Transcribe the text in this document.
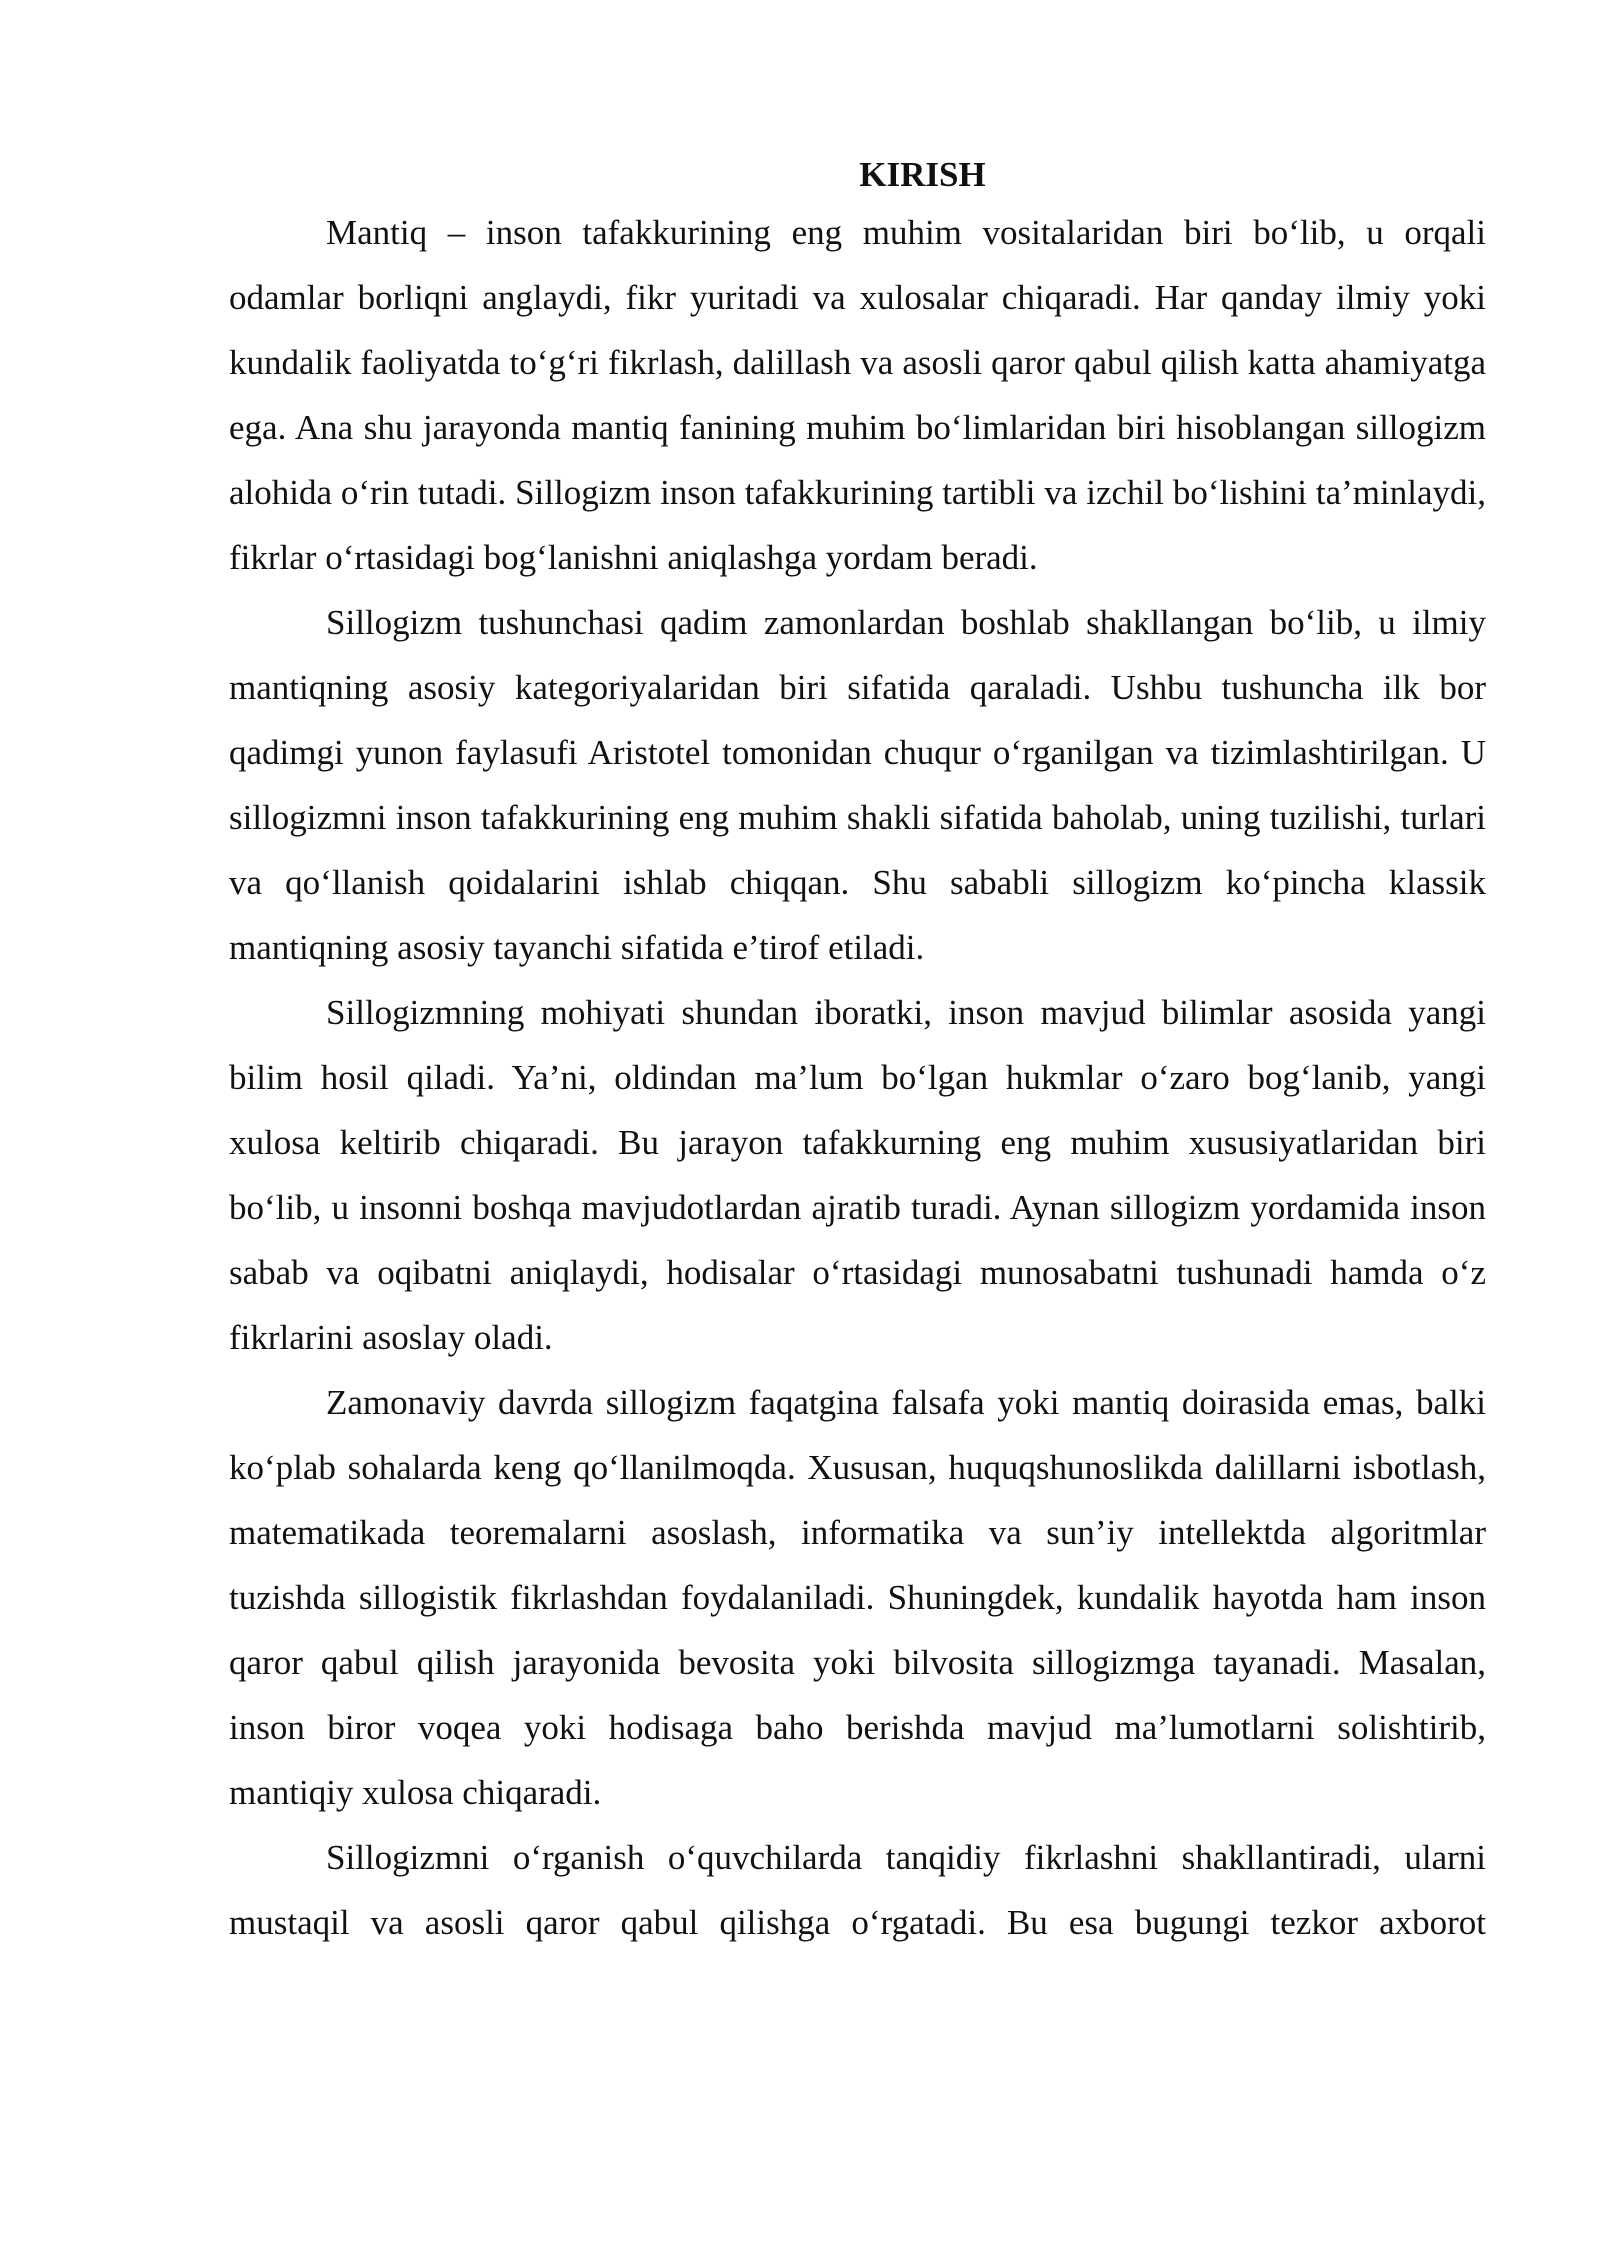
KIRISH

Mantiq – inson tafakkurining eng muhim vositalaridan biri bo‘lib, u orqali odamlar borliqni anglaydi, fikr yuritadi va xulosalar chiqaradi. Har qanday ilmiy yoki kundalik faoliyatda to‘g‘ri fikrlash, dalillash va asosli qaror qabul qilish katta ahamiyatga ega. Ana shu jarayonda mantiq fanining muhim bo‘limlaridan biri hisoblangan sillogizm alohida o‘rin tutadi. Sillogizm inson tafakkurining tartibli va izchil bo‘lishini ta’minlaydi, fikrlar o‘rtasidagi bog‘lanishni aniqlashga yordam beradi.

Sillogizm tushunchasi qadim zamonlardan boshlab shakllangan bo‘lib, u ilmiy mantiqning asosiy kategoriyalaridan biri sifatida qaraladi. Ushbu tushuncha ilk bor qadimgi yunon faylasufi Aristotel tomonidan chuqur o‘rganilgan va tizimlashtirilgan. U sillogizmni inson tafakkurining eng muhim shakli sifatida baholab, uning tuzilishi, turlari va qo‘llanish qoidalarini ishlab chiqqan. Shu sababli sillogizm ko‘pincha klassik mantiqning asosiy tayanchi sifatida e’tirof etiladi.

Sillogizmning mohiyati shundan iboratki, inson mavjud bilimlar asosida yangi bilim hosil qiladi. Ya’ni, oldindan ma’lum bo‘lgan hukmlar o‘zaro bog‘lanib, yangi xulosa keltirib chiqaradi. Bu jarayon tafakkurning eng muhim xususiyatlaridan biri bo‘lib, u insonni boshqa mavjudotlardan ajratib turadi. Aynan sillogizm yordamida inson sabab va oqibatni aniqlaydi, hodisalar o‘rtasidagi munosabatni tushunadi hamda o‘z fikrlarini asoslay oladi.

Zamonaviy davrda sillogizm faqatgina falsafa yoki mantiq doirasida emas, balki ko‘plab sohalarda keng qo‘llanilmoqda. Xususan, huquqshunoslikda dalillarni isbotlash, matematikada teoremalarni asoslash, informatika va sun’iy intellektda algoritmlar tuzishda sillogistik fikrlashdan foydalaniladi. Shuningdek, kundalik hayotda ham inson qaror qabul qilish jarayonida bevosita yoki bilvosita sillogizmga tayanadi. Masalan, inson biror voqea yoki hodisaga baho berishda mavjud ma’lumotlarni solishtirib, mantiqiy xulosa chiqaradi.

Sillogizmni o‘rganish o‘quvchilarda tanqidiy fikrlashni shakllantiradi, ularni mustaqil va asosli qaror qabul qilishga o‘rgatadi. Bu esa bugungi tezkor axborot
